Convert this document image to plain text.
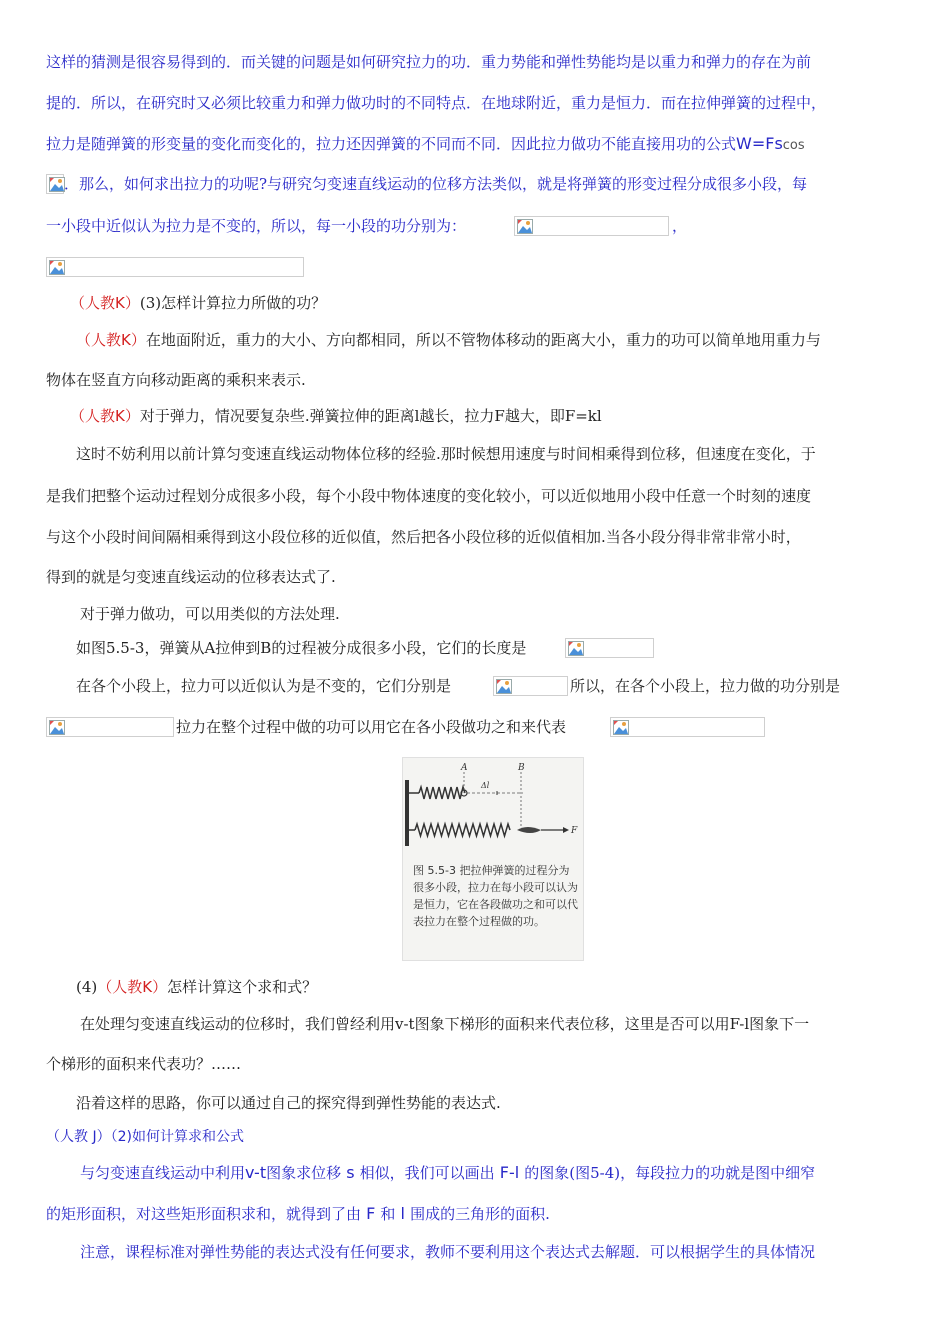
这样的猜测是很容易得到的．而关键的问题是如何研究拉力的功．重力势能和弹性势能均是以重力和弹力的存在为前
提的．所以，在研究时又必须比较重力和弹力做功时的不同特点．在地球附近，重力是恒力．而在拉伸弹簧的过程中，
拉力是随弹簧的形变量的变化而变化的，拉力还因弹簧的不同而不同．因此拉力做功不能直接用功的公式W=Fscos
．那么，如何求出拉力的功呢?与研究匀变速直线运动的位移方法类似，就是将弹簧的形变过程分成很多小段，每
一小段中近似认为拉力是不变的，所以，每一小段的功分别为：	，
（人教K）(3)怎样计算拉力所做的功？
（人教K）在地面附近，重力的大小、方向都相同，所以不管物体移动的距离大小，重力的功可以简单地用重力与
物体在竖直方向移动距离的乘积来表示.
（人教K）对于弹力，情况要复杂些.弹簧拉伸的距离l越长，拉力F越大，即F=kl
这时不妨利用以前计算匀变速直线运动物体位移的经验.那时候想用速度与时间相乘得到位移，但速度在变化，于
是我们把整个运动过程划分成很多小段，每个小段中物体速度的变化较小，可以近似地用小段中任意一个时刻的速度
与这个小段时间间隔相乘得到这小段位移的近似值，然后把各小段位移的近似值相加.当各小段分得非常非常小时，
得到的就是匀变速直线运动的位移表达式了.
对于弹力做功，可以用类似的方法处理.
如图5.5-3，弹簧从A拉伸到B的过程被分成很多小段，它们的长度是
在各个小段上，拉力可以近似认为是不变的，它们分别是	所以，在各个小段上，拉力做的功分别是
拉力在整个过程中做的功可以用它在各小段做功之和来代表
A	B
Δl
F
图 5.5-3 把拉伸弹簧的过程分为很多小段，拉力在每小段可以认为是恒力，它在各段做功之和可以代表拉力在整个过程做的功。
(4)（人教K）怎样计算这个求和式？
在处理匀变速直线运动的位移时，我们曾经利用v-t图象下梯形的面积来代表位移，这里是否可以用F-l图象下一
个梯形的面积来代表功？……
沿着这样的思路，你可以通过自己的探究得到弹性势能的表达式.
（人教 J）（2)如何计算求和公式
与匀变速直线运动中利用v-t图象求位移 s 相似，我们可以画出 F-l 的图象(图5-4)，每段拉力的功就是图中细窄
的矩形面积，对这些矩形面积求和，就得到了由 F 和 l 围成的三角形的面积.
注意，课程标准对弹性势能的表达式没有任何要求，教师不要利用这个表达式去解题．可以根据学生的具体情况
